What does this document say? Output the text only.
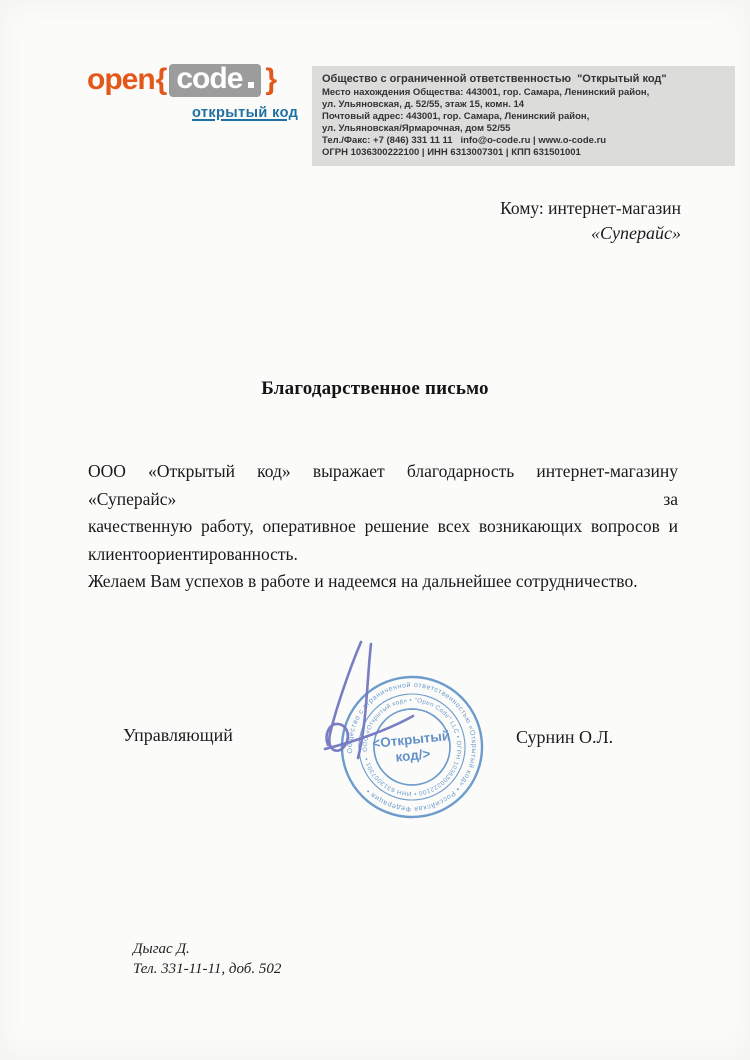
open { code }
открытый код
Общество с ограниченной ответственностью  "Открытый код"
Место нахождения Общества: 443001, гор. Самара, Ленинский район,
ул. Ульяновская, д. 52/55, этаж 15, комн. 14
Почтовый адрес: 443001, гор. Самара, Ленинский район,
ул. Ульяновская/Ярмарочная, дом 52/55
Тел./Факс: +7 (846) 331 11 11   info@o-code.ru | www.o-code.ru
ОГРН 1036300222100 | ИНН 6313007301 | КПП 631501001
Кому: интернет-магазин
«Суперайс»
Благодарственное письмо
ООО «Открытый код» выражает благодарность интернет-магазину «Суперайс» за
качественную работу, оперативное решение всех возникающих вопросов и
клиентоориентированность.
Желаем Вам успехов в работе и надеемся на дальнейшее сотрудничество.
Управляющий	Сурнин О.Л.
Общество с ограниченной ответственностью «Открытый код» • Российская Федерация •
ООО «Открытый код» • "Open Code" LLC • ОГРН 1036300222100 • ИНН 6313007301 •
<Открытый
код/>
Дыгас Д.
Тел. 331-11-11, доб. 502
